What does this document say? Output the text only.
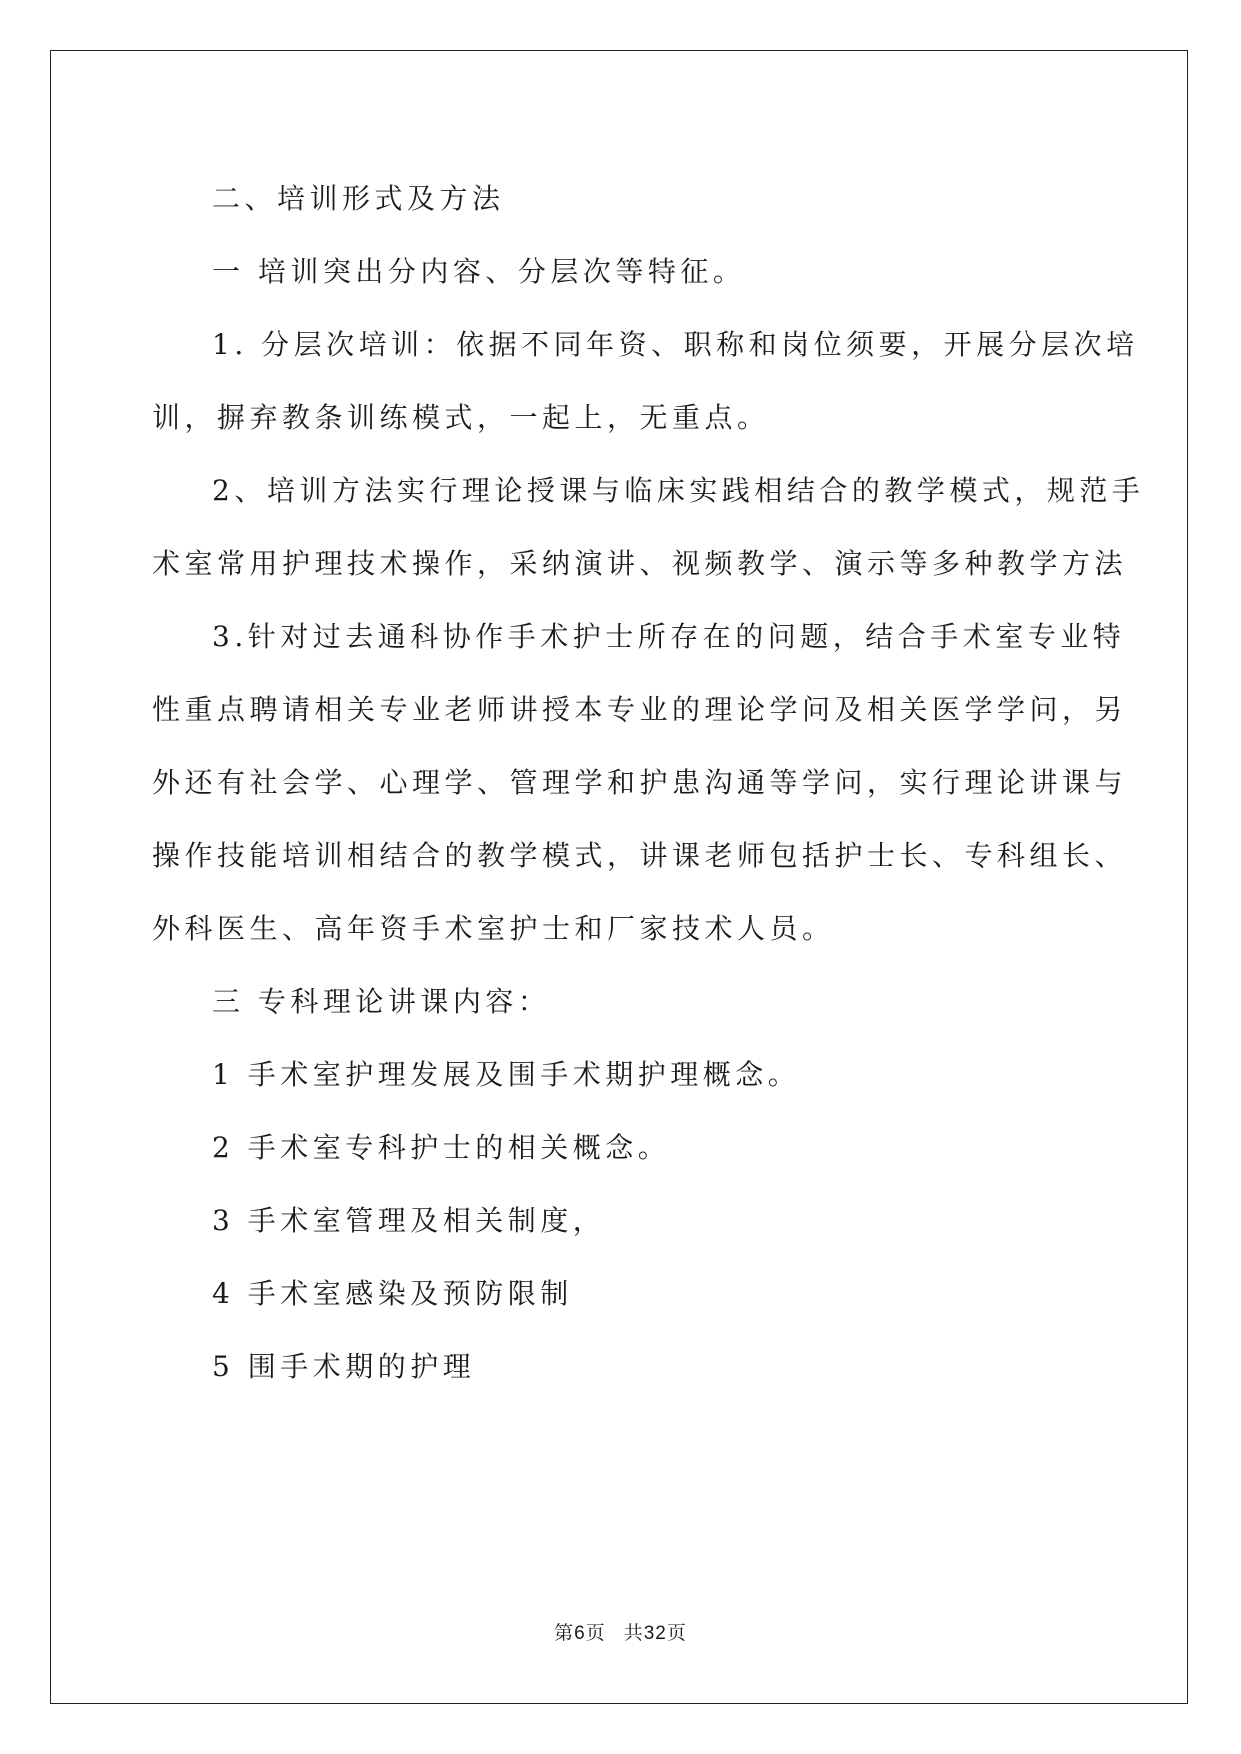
二、培训形式及方法

一 培训突出分内容、分层次等特征。

1. 分层次培训：依据不同年资、职称和岗位须要，开展分层次培

训，摒弃教条训练模式，一起上，无重点。

2、培训方法实行理论授课与临床实践相结合的教学模式，规范手

术室常用护理技术操作，采纳演讲、视频教学、演示等多种教学方法

3.针对过去通科协作手术护士所存在的问题，结合手术室专业特

性重点聘请相关专业老师讲授本专业的理论学问及相关医学学问，另

外还有社会学、心理学、管理学和护患沟通等学问，实行理论讲课与

操作技能培训相结合的教学模式，讲课老师包括护士长、专科组长、

外科医生、高年资手术室护士和厂家技术人员。

三 专科理论讲课内容：

1 手术室护理发展及围手术期护理概念。

2 手术室专科护士的相关概念。

3 手术室管理及相关制度，

4 手术室感染及预防限制

5 围手术期的护理

第6页 共32页
